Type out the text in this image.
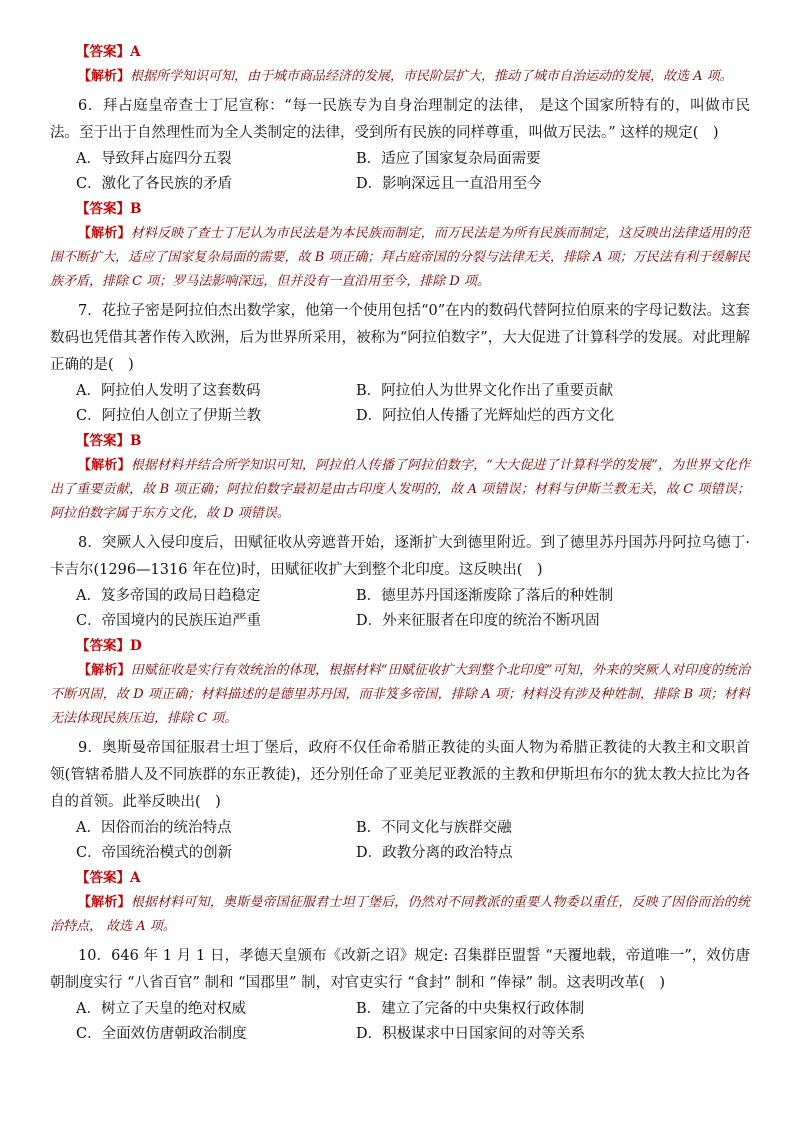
【答案】A

【解析】根据所学知识可知，由于城市商品经济的发展，市民阶层扩大，推动了城市自治运动的发展，故选 A 项。

6．拜占庭皇帝查士丁尼宣称：“每一民族专为自身治理制定的法律， 是这个国家所特有的，叫做市民法。至于出于自然理性而为全人类制定的法律，受到所有民族的同样尊重，叫做万民法。” 这样的规定(　)

A．导致拜占庭四分五裂	B．适应了国家复杂局面需要
C．激化了各民族的矛盾	D．影响深远且一直沿用至今
【答案】B

【解析】材料反映了查士丁尼认为市民法是为本民族而制定，而万民法是为所有民族而制定，这反映出法律适用的范围不断扩大，适应了国家复杂局面的需要，故 B 项正确；拜占庭帝国的分裂与法律无关，排除 A 项；万民法有利于缓解民族矛盾，排除 C 项；罗马法影响深远，但并没有一直沿用至今，排除 D 项。

7．花拉子密是阿拉伯杰出数学家，他第一个使用包括“0”在内的数码代替阿拉伯原来的字母记数法。这套数码也凭借其著作传入欧洲，后为世界所采用，被称为“阿拉伯数字”，大大促进了计算科学的发展。对此理解正确的是(　)

A．阿拉伯人发明了这套数码	B．阿拉伯人为世界文化作出了重要贡献
C．阿拉伯人创立了伊斯兰教	D．阿拉伯人传播了光辉灿烂的西方文化
【答案】B

【解析】根据材料并结合所学知识可知，阿拉伯人传播了阿拉伯数字，“大大促进了计算科学的发展”，为世界文化作出了重要贡献，故 B 项正确；阿拉伯数字最初是由古印度人发明的，故 A 项错误；材料与伊斯兰教无关，故 C 项错误；阿拉伯数字属于东方文化，故 D 项错误。

8．突厥人入侵印度后，田赋征收从旁遮普开始，逐渐扩大到德里附近。到了德里苏丹国苏丹阿拉乌德丁·卡吉尔(1296—1316 年在位)时，田赋征收扩大到整个北印度。这反映出(　)

A．笈多帝国的政局日趋稳定	B．德里苏丹国逐渐废除了落后的种姓制
C．帝国境内的民族压迫严重	D．外来征服者在印度的统治不断巩固
【答案】D

【解析】田赋征收是实行有效统治的体现，根据材料“田赋征收扩大到整个北印度”可知，外来的突厥人对印度的统治不断巩固，故 D 项正确；材料描述的是德里苏丹国，而非笈多帝国，排除 A 项；材料没有涉及种姓制，排除 B 项；材料无法体现民族压迫，排除 C 项。

9．奥斯曼帝国征服君士坦丁堡后，政府不仅任命希腊正教徒的头面人物为希腊正教徒的大教主和文职首领(管辖希腊人及不同族群的东正教徒)，还分别任命了亚美尼亚教派的主教和伊斯坦布尔的犹太教大拉比为各自的首领。此举反映出(　)

A．因俗而治的统治特点	B．不同文化与族群交融
C．帝国统治模式的创新	D．政教分离的政治特点
【答案】A

【解析】根据材料可知，奥斯曼帝国征服君士坦丁堡后，仍然对不同教派的重要人物委以重任，反映了因俗而治的统治特点， 故选 A 项。

10．646 年 1 月 1 日，孝德天皇颁布《改新之诏》规定: 召集群臣盟誓 “天覆地载，帝道唯一”，效仿唐朝制度实行 “八省百官” 制和 “国郡里” 制，对官吏实行 “食封” 制和 “俸禄” 制。这表明改革(　)

A．树立了天皇的绝对权威	B．建立了完备的中央集权行政体制
C．全面效仿唐朝政治制度	D．积极谋求中日国家间的对等关系
